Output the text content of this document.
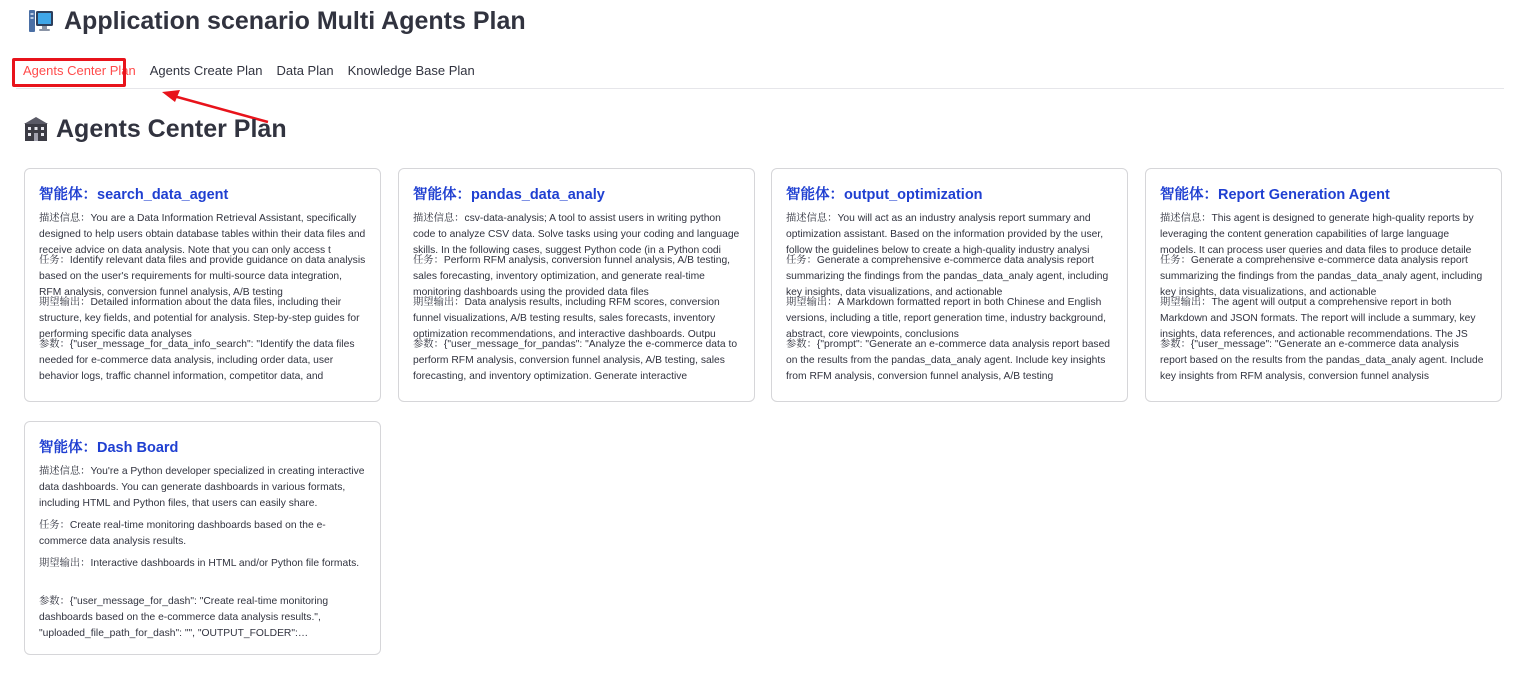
Application scenario Multi Agents Plan
Agents Center Plan	Agents Create Plan	Data Plan	Knowledge Base Plan
Agents Center Plan
智能体：search_data_agent
描述信息：You are a Data Information Retrieval Assistant, specifically designed to help users obtain database tables within their data files and receive advice on data analysis. Note that you can only access t
任务：Identify relevant data files and provide guidance on data analysis based on the user's requirements for multi-source data integration, RFM analysis, conversion funnel analysis, A/B testing
期望输出：Detailed information about the data files, including their structure, key fields, and potential for analysis. Step-by-step guides for performing specific data analyses
参数：{"user_message_for_data_info_search": "Identify the data files needed for e-commerce data analysis, including order data, user behavior logs, traffic channel information, competitor data, and
智能体：pandas_data_analy
描述信息：csv-data-analysis; A tool to assist users in writing python code to analyze CSV data. Solve tasks using your coding and language skills. In the following cases, suggest Python code (in a Python codi
任务：Perform RFM analysis, conversion funnel analysis, A/B testing, sales forecasting, inventory optimization, and generate real-time monitoring dashboards using the provided data files
期望输出：Data analysis results, including RFM scores, conversion funnel visualizations, A/B testing results, sales forecasts, inventory optimization recommendations, and interactive dashboards. Outpu
参数：{"user_message_for_pandas": "Analyze the e-commerce data to perform RFM analysis, conversion funnel analysis, A/B testing, sales forecasting, and inventory optimization. Generate interactive
智能体：output_optimization
描述信息：You will act as an industry analysis report summary and optimization assistant. Based on the information provided by the user, follow the guidelines below to create a high-quality industry analysi
任务：Generate a comprehensive e-commerce data analysis report summarizing the findings from the pandas_data_analy agent, including key insights, data visualizations, and actionable
期望输出：A Markdown formatted report in both Chinese and English versions, including a title, report generation time, industry background, abstract, core viewpoints, conclusions
参数：{"prompt": "Generate an e-commerce data analysis report based on the results from the pandas_data_analy agent. Include key insights from RFM analysis, conversion funnel analysis, A/B testing
智能体：Report Generation Agent
描述信息：This agent is designed to generate high-quality reports by leveraging the content generation capabilities of large language models. It can process user queries and data files to produce detaile
任务：Generate a comprehensive e-commerce data analysis report summarizing the findings from the pandas_data_analy agent, including key insights, data visualizations, and actionable
期望输出：The agent will output a comprehensive report in both Markdown and JSON formats. The report will include a summary, key insights, data references, and actionable recommendations. The JS
参数：{"user_message": "Generate an e-commerce data analysis report based on the results from the pandas_data_analy agent. Include key insights from RFM analysis, conversion funnel analysis
智能体：Dash Board
描述信息：You're a Python developer specialized in creating interactive data dashboards. You can generate dashboards in various formats, including HTML and Python files, that users can easily share.
任务：Create real-time monitoring dashboards based on the e-commerce data analysis results.
期望输出：Interactive dashboards in HTML and/or Python file formats.
参数：{"user_message_for_dash": "Create real-time monitoring dashboards based on the e-commerce data analysis results.", "uploaded_file_path_for_dash": "", "OUTPUT_FOLDER":…
